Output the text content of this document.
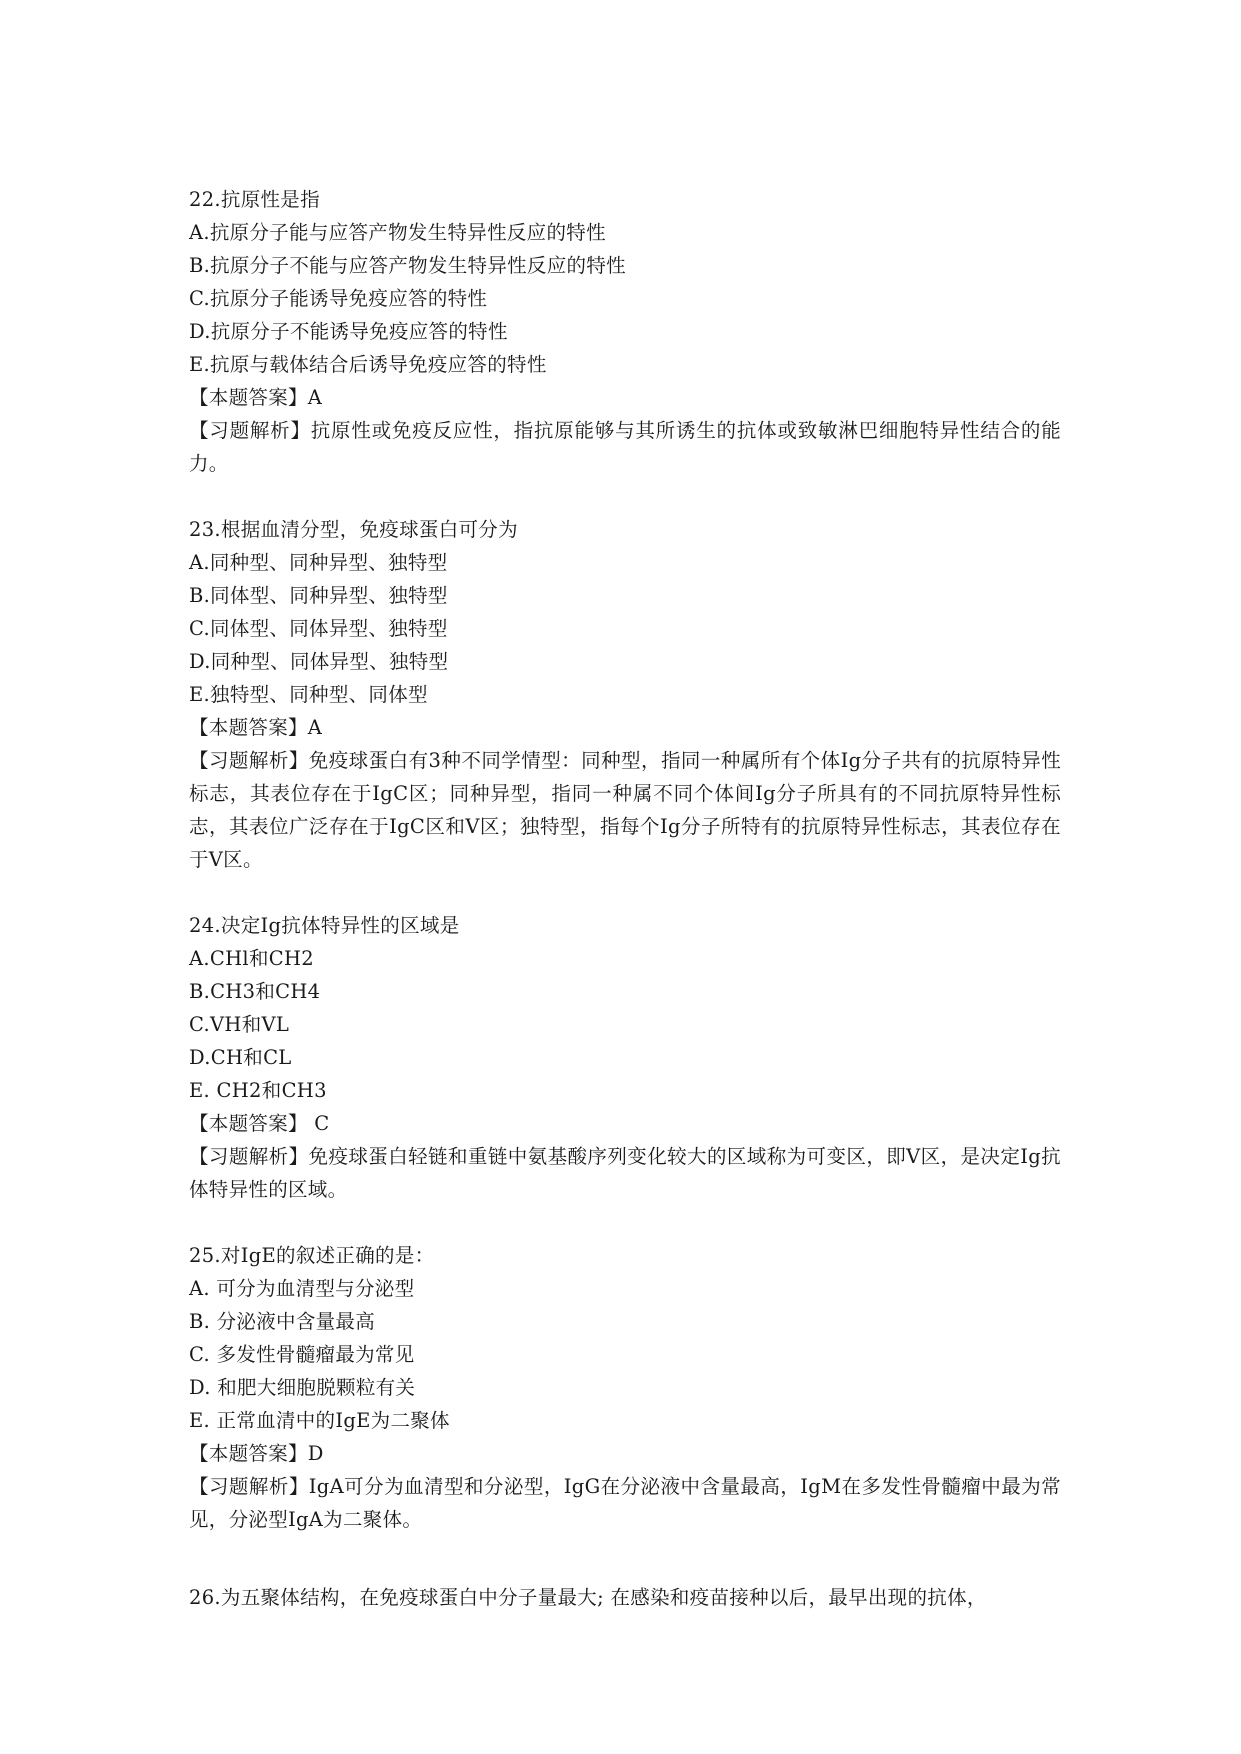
22.抗原性是指
A.抗原分子能与应答产物发生特异性反应的特性
B.抗原分子不能与应答产物发生特异性反应的特性
C.抗原分子能诱导免疫应答的特性
D.抗原分子不能诱导免疫应答的特性
E.抗原与载体结合后诱导免疫应答的特性
【本题答案】A
【习题解析】抗原性或免疫反应性，指抗原能够与其所诱生的抗体或致敏淋巴细胞特异性结合的能力。
23.根据血清分型，免疫球蛋白可分为
A.同种型、同种异型、独特型
B.同体型、同种异型、独特型
C.同体型、同体异型、独特型
D.同种型、同体异型、独特型
E.独特型、同种型、同体型
【本题答案】A
【习题解析】免疫球蛋白有3种不同学情型：同种型，指同一种属所有个体Ig分子共有的抗原特异性标志，其表位存在于IgC区；同种异型，指同一种属不同个体间Ig分子所具有的不同抗原特异性标志，其表位广泛存在于IgC区和V区；独特型，指每个Ig分子所特有的抗原特异性标志，其表位存在于V区。
24.决定Ig抗体特异性的区域是
A.CHl和CH2
B.CH3和CH4
C.VH和VL
D.CH和CL
E. CH2和CH3
【本题答案】 C
【习题解析】免疫球蛋白轻链和重链中氨基酸序列变化较大的区域称为可变区，即V区，是决定Ig抗体特异性的区域。
25.对IgE的叙述正确的是：
A. 可分为血清型与分泌型
B. 分泌液中含量最高
C. 多发性骨髓瘤最为常见
D. 和肥大细胞脱颗粒有关
E. 正常血清中的IgE为二聚体
【本题答案】D
【习题解析】IgA可分为血清型和分泌型，IgG在分泌液中含量最高，IgM在多发性骨髓瘤中最为常见，分泌型IgA为二聚体。
26.为五聚体结构，在免疫球蛋白中分子量最大; 在感染和疫苗接种以后，最早出现的抗体，
